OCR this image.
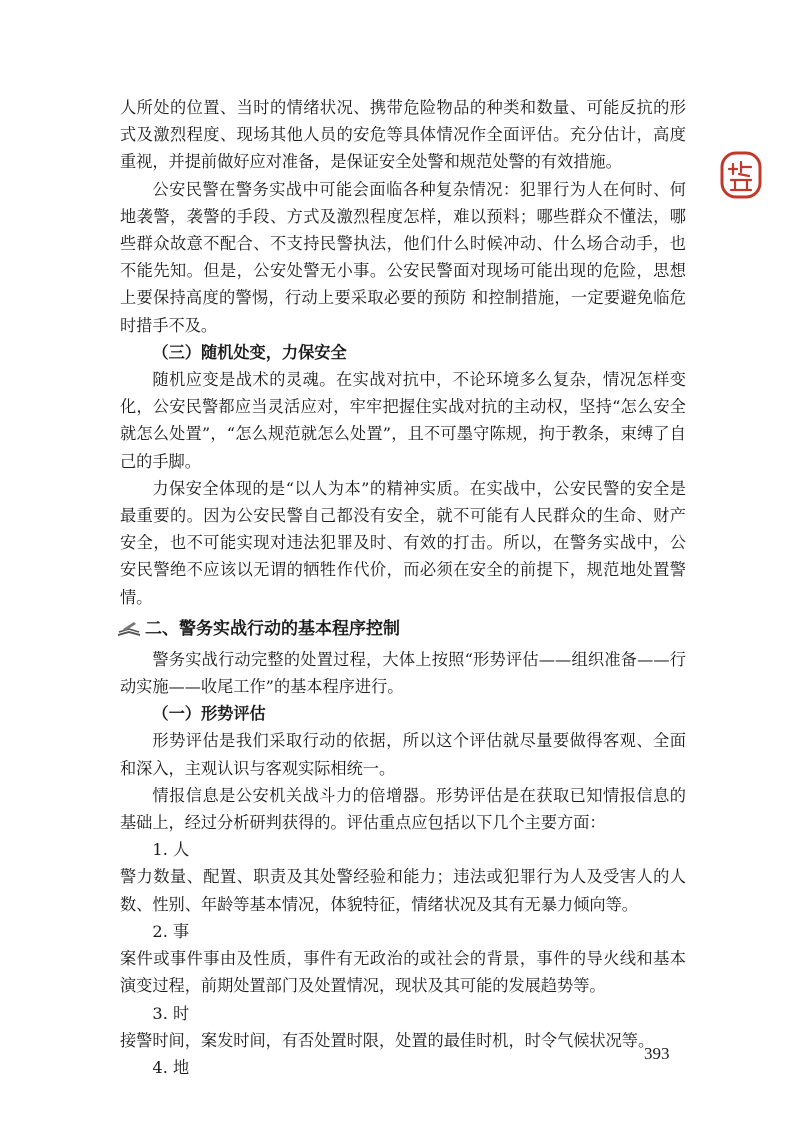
人所处的位置、当时的情绪状况、携带危险物品的种类和数量、可能反抗的形式及激烈程度、现场其他人员的安危等具体情况作全面评估。充分估计，高度重视，并提前做好应对准备，是保证安全处警和规范处警的有效措施。

公安民警在警务实战中可能会面临各种复杂情况：犯罪行为人在何时、何地袭警，袭警的手段、方式及激烈程度怎样，难以预料；哪些群众不懂法，哪些群众故意不配合、不支持民警执法，他们什么时候冲动、什么场合动手，也不能先知。但是，公安处警无小事。公安民警面对现场可能出现的危险，思想上要保持高度的警惕，行动上要采取必要的预防 和控制措施，一定要避免临危时措手不及。

（三）随机处变，力保安全

随机应变是战术的灵魂。在实战对抗中，不论环境多么复杂，情况怎样变化，公安民警都应当灵活应对，牢牢把握住实战对抗的主动权，坚持“怎么安全就怎么处置”，“怎么规范就怎么处置”，且不可墨守陈规，拘于教条，束缚了自己的手脚。

力保安全体现的是“以人为本”的精神实质。在实战中，公安民警的安全是最重要的。因为公安民警自己都没有安全，就不可能有人民群众的生命、财产安全，也不可能实现对违法犯罪及时、有效的打击。所以，在警务实战中，公安民警绝不应该以无谓的牺牲作代价，而必须在安全的前提下，规范地处置警情。

二、警务实战行动的基本程序控制

警务实战行动完整的处置过程，大体上按照“形势评估——组织准备——行动实施——收尾工作”的基本程序进行。

（一）形势评估

形势评估是我们采取行动的依据，所以这个评估就尽量要做得客观、全面和深入，主观认识与客观实际相统一。

情报信息是公安机关战斗力的倍增器。形势评估是在获取已知情报信息的基础上，经过分析研判获得的。评估重点应包括以下几个主要方面：

1. 人

警力数量、配置、职责及其处警经验和能力；违法或犯罪行为人及受害人的人数、性别、年龄等基本情况，体貌特征，情绪状况及其有无暴力倾向等。

2. 事

案件或事件事由及性质，事件有无政治的或社会的背景，事件的导火线和基本演变过程，前期处置部门及处置情况，现状及其可能的发展趋势等。

3. 时

接警时间，案发时间，有否处置时限，处置的最佳时机，时令气候状况等。

4. 地

393
